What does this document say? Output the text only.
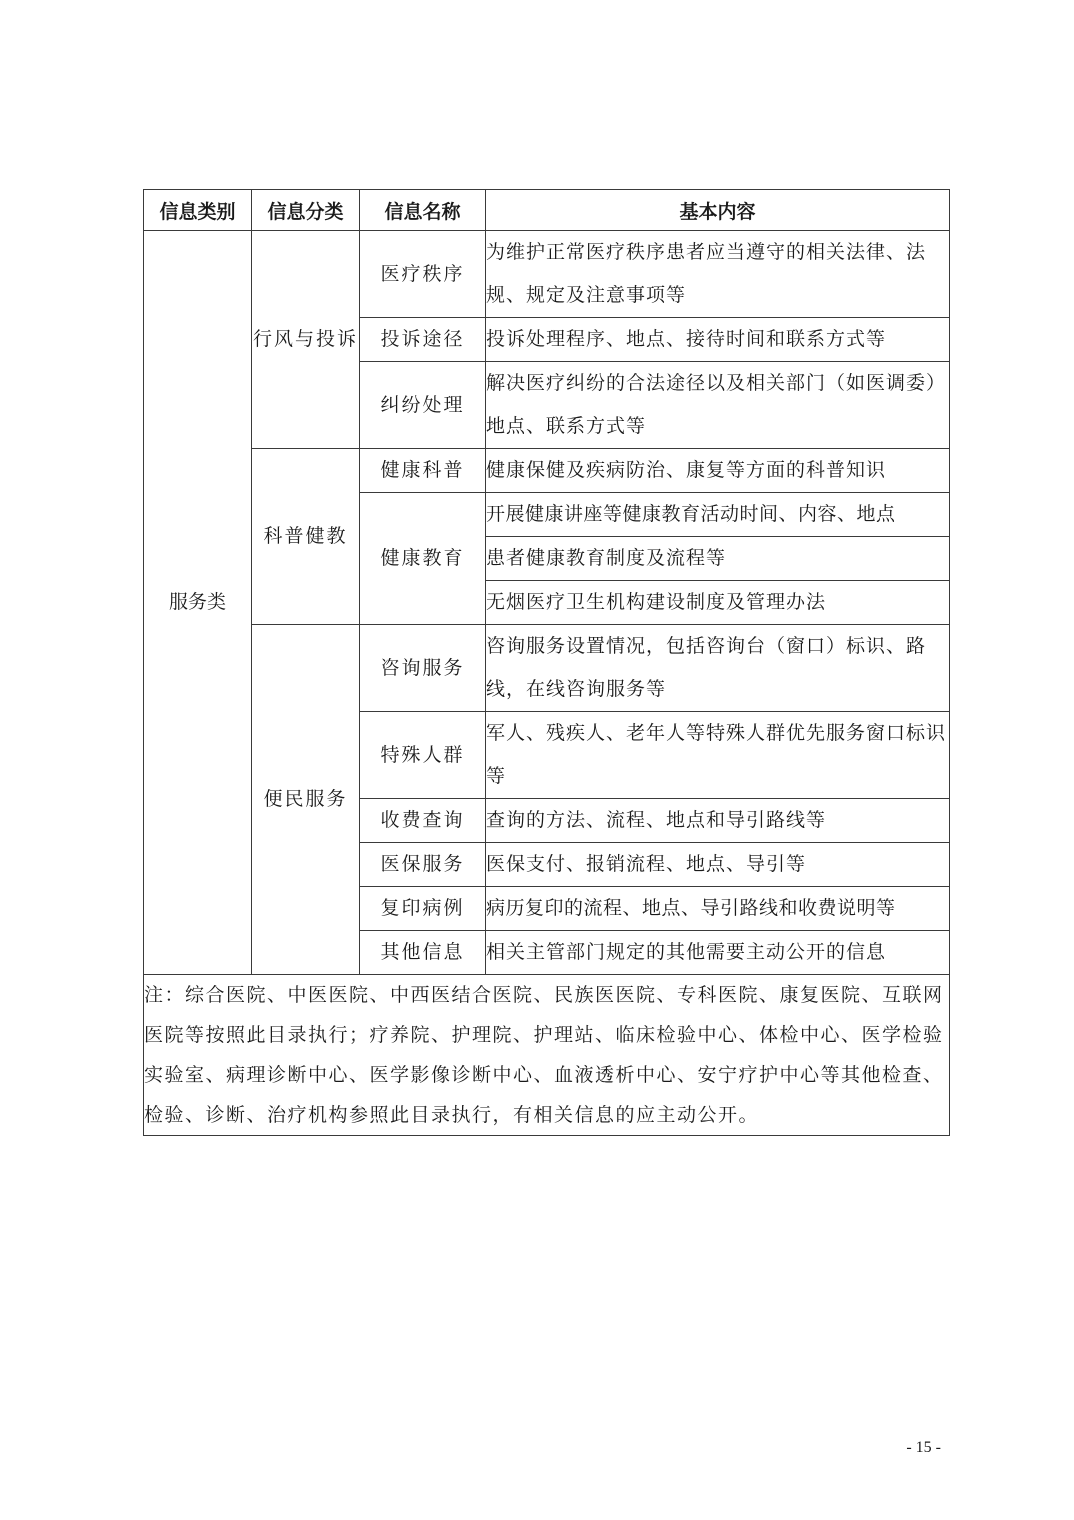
信息类别	信息分类	信息名称	基本内容
服务类	行风与投诉	医疗秩序	为维护正常医疗秩序患者应当遵守的相关法律、法规、规定及注意事项等
		投诉途径	投诉处理程序、地点、接待时间和联系方式等
		纠纷处理	解决医疗纠纷的合法途径以及相关部门（如医调委）地点、联系方式等
	科普健教	健康科普	健康保健及疾病防治、康复等方面的科普知识
		健康教育	开展健康讲座等健康教育活动时间、内容、地点
			患者健康教育制度及流程等
			无烟医疗卫生机构建设制度及管理办法
	便民服务	咨询服务	咨询服务设置情况，包括咨询台（窗口）标识、路线，在线咨询服务等
		特殊人群	军人、残疾人、老年人等特殊人群优先服务窗口标识等
		收费查询	查询的方法、流程、地点和导引路线等
		医保服务	医保支付、报销流程、地点、导引等
		复印病例	病历复印的流程、地点、导引路线和收费说明等
		其他信息	相关主管部门规定的其他需要主动公开的信息
注：综合医院、中医医院、中西医结合医院、民族医医院、专科医院、康复医院、互联网医院等按照此目录执行；疗养院、护理院、护理站、临床检验中心、体检中心、医学检验实验室、病理诊断中心、医学影像诊断中心、血液透析中心、安宁疗护中心等其他检查、检验、诊断、治疗机构参照此目录执行，有相关信息的应主动公开。			
- 15 -
